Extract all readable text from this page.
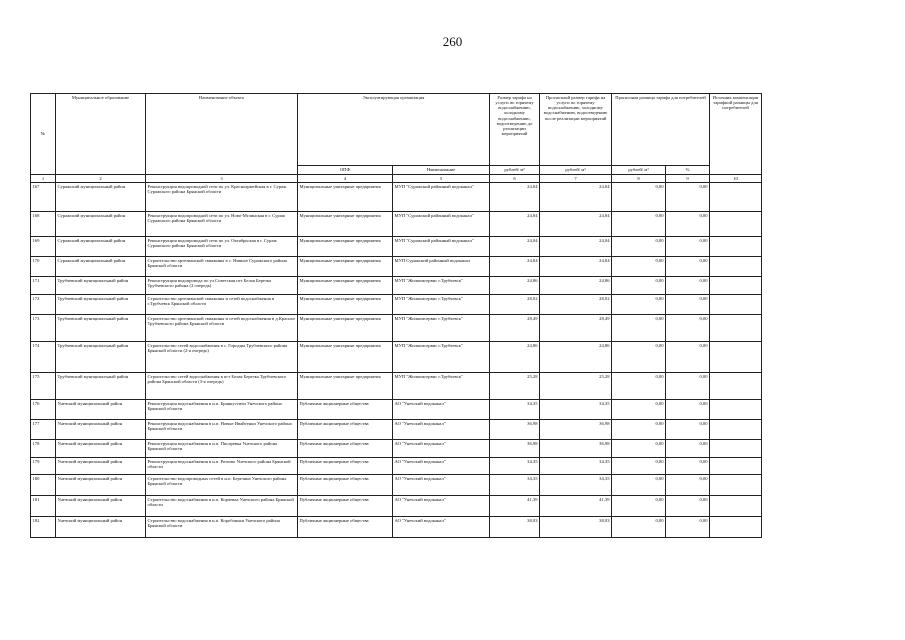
260
№	Муниципальное образование	Наименование объекта	Эксплуатирующая организация		Размер тарифа на услуги по горячему водоснабжению, холодному водоснабжению, водоотведению до реализации мероприятий	Прогнозный размер тарифа на услуги по горячему водоснабжению, холодному водоснабжению, водоотведению после реализации мероприятий	Прогнозная разница тарифа для потребителей		Источник компенсации тарифной разницы для потребителей
			ОПФ	Наименование	рублей/ м³	рублей/ м³	рублей/ м³	%	
1	2	3	4	5	6	7	8	9	10
167	Суражский муниципальный район	Реконструкция водопроводной сети по ул. Красноармейская в г. Сураж Суражского района Брянской области	Муниципальные унитарные предприятия	МУП "Суражский районный водоканал"	24,04	24,04	0,00	0,00	
168	Суражский муниципальный район	Реконструкция водопроводной сети по ул. Ново-Мглинская в г. Сураж Суражского района Брянской области	Муниципальные унитарные предприятия	МУП "Суражский районный водоканал"	24,04	24,04	0,00	0,00	
169	Суражский муниципальный район	Реконструкция водопроводной сети по ул. Октябрьская в г. Сураж Суражского района Брянской области	Муниципальные унитарные предприятия	МУП "Суражский районный водоканал"	24,04	24,04	0,00	0,00	
170	Суражский муниципальный район	Строительство артезианской скважины в с. Нивное Суражского района Брянской области	Муниципальные унитарные предприятия	МУП Суражский районный водоканал	24,04	24,04	0,00	0,00	
171	Трубчевский муниципальный район	Реконструкция водопровода по ул.Советская пгт Белая Березка Трубчевского района (2 очередь)	Муниципальные унитарные предприятия	МУП "Жилкомсервис г.Трубчевск"	24,86	24,86	0,00	0,00	
172	Трубчевский муниципальный район	Строительство артезианской скважины и сетей водоснабжения в г.Трубчевск Брянской области	Муниципальные унитарные предприятия	МУП "Жилкомсервис г.Трубчевск"	28,02	28,02	0,00	0,00	
173	Трубчевский муниципальный район	Строительство артезианской скважины и сетей водоснабжения в д.Красное Трубчевского района Брянской области	Муниципальные унитарные предприятия	МУП "Жилкомсервис г.Трубчевск"	28,49	28,49	0,00	0,00	
174	Трубчевский муниципальный район	Строительство сетей водоснабжения в с. Городцы Трубчевского района Брянской области (2-я очередь)	Муниципальные унитарные предприятия	МУП "Жилкомсервис г.Трубчевск"	24,86	24,86	0,00	0,00	
175	Трубчевский муниципальный район	Строительство сетей водоснабжения в пгт Белая Березка Трубчевского района Брянской области (3-я очередь)	Муниципальные унитарные предприятия	МУП "Жилкомсервис г.Трубчевск"	25,28	25,28	0,00	0,00	
176	Унечский муниципальный район	Реконструкция водоснабжения в н.п. Брянкустичи Унечского района Брянской области	Публичные акционерные общества	АО "Унечский водоканал"	34,35	34,35	0,00	0,00	
177	Унечский муниципальный район	Реконструкция водоснабжения в н.п. Новые Ивайтенки Унечского района Брянской области	Публичные акционерные общества	АО "Унечский водоканал"	36,98	36,98	0,00	0,00	
178	Унечский муниципальный район	Реконструкция водоснабжения в н.п. Писаревка Унечского района Брянской области	Публичные акционерные общества	АО "Унечский водоканал"	36,98	36,98	0,00	0,00	
179	Унечский муниципальный район	Реконструкция водоснабжения в н.п. Рюхово Унечского района Брянской области	Публичные акционерные общества	АО "Унечский водоканал"	34,35	34,35	0,00	0,00	
180	Унечский муниципальный район	Строительство водопроводных сетей в н.п. Березина Унечского района Брянской области	Публичные акционерные общества	АО "Унечский водоканал"	34,35	34,35	0,00	0,00	
181	Унечский муниципальный район	Строительство водоснабжения в н.п. Корчевка Унечского района Брянской области	Публичные акционерные общества	АО "Унечский водоканал"	41,39	41,39	0,00	0,00	
182	Унечский муниципальный район	Строительство водоснабжения в н.п. Коробоньки Унечского района Брянской области	Публичные акционерные общества	АО "Унечский водоканал"	38,03	38,03	0,00	0,00	
